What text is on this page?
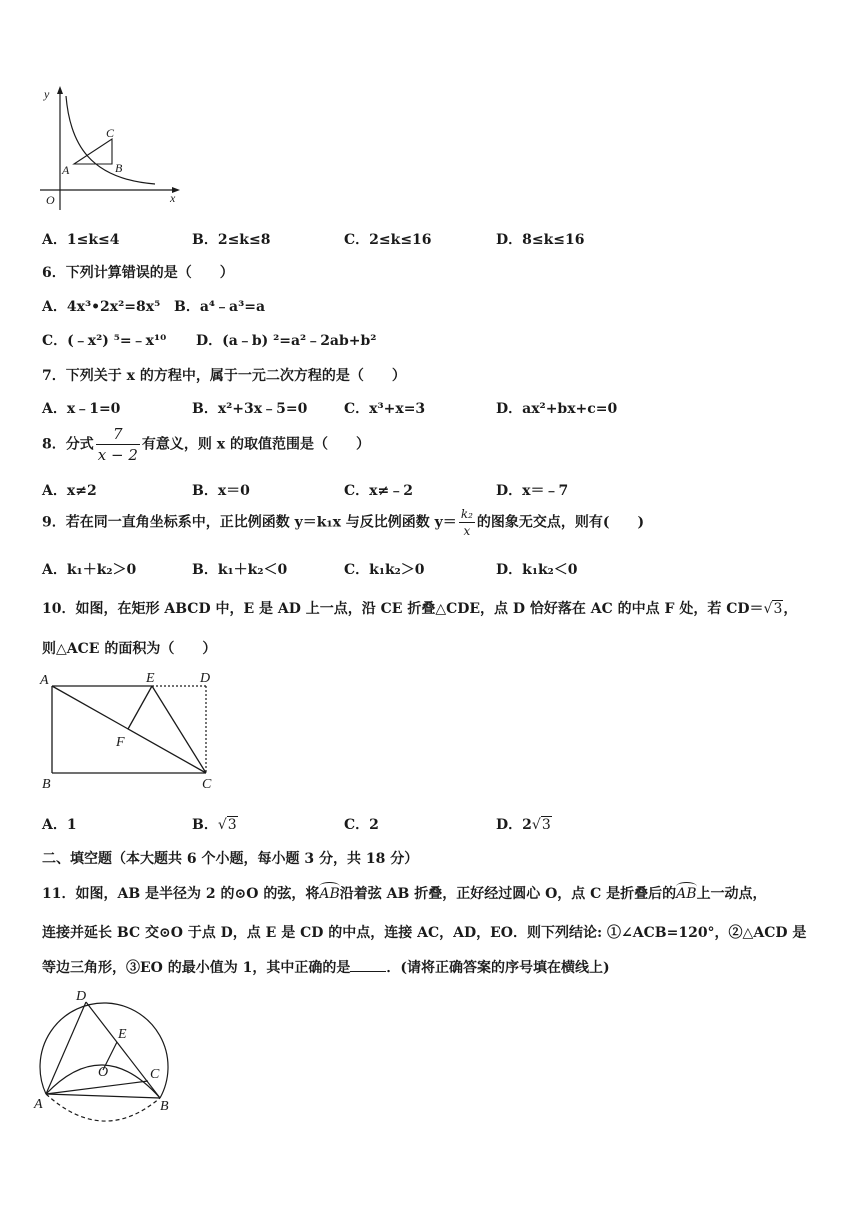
y
x
O
A	B
C
A．1≤k≤4	B．2≤k≤8	C．2≤k≤16	D．8≤k≤16
6．下列计算错误的是（　　）
A．4x³•2x²=8x⁵ B．a⁴﹣a³=a
C．(﹣x²) ⁵=﹣x¹⁰ D．(a﹣b) ²=a²﹣2ab+b²
7．下列关于 x 的方程中，属于一元二次方程的是（　　）
A．x﹣1=0	B．x²+3x﹣5=0	C．x³+x=3	D．ax²+bx+c=0
8．分式 $\frac{7}{x - 2}$ 有意义，则 x 的取值范围是（　　）
A．x≠2	B．x＝0	C．x≠﹣2	D．x＝﹣7
9．若在同一直角坐标系中，正比例函数 y＝k₁x 与反比例函数 $y= \frac{\text{k₂}}{x}$ 的图象无交点，则有(　　)
A．k₁＋k₂＞0	B．k₁＋k₂＜0	C．k₁k₂＞0	D．k₁k₂＜0
10．如图，在矩形 ABCD 中，E 是 AD 上一点，沿 CE 折叠△CDE，点 D 恰好落在 AC 的中点 F 处，若 CD＝√3，
则△ACE 的面积为（　　）
A	E	D
F
B	C
A．1	B．√3	C．2	D．2√3
二、填空题（本大题共 6 个小题，每小题 3 分，共 18 分）
11．如图，AB 是半径为 2 的⊙O 的弦，将AB沿着弦 AB 折叠，正好经过圆心 O，点 C 是折叠后的AB上一动点，
连接并延长 BC 交⊙O 于点 D，点 E 是 CD 的中点，连接 AC，AD，EO．则下列结论: ①∠ACB=120°，②△ACD 是
等边三角形，③EO 的最小值为 1，其中正确的是	．(请将正确答案的序号填在横线上)
D
E
O	C
A	B
